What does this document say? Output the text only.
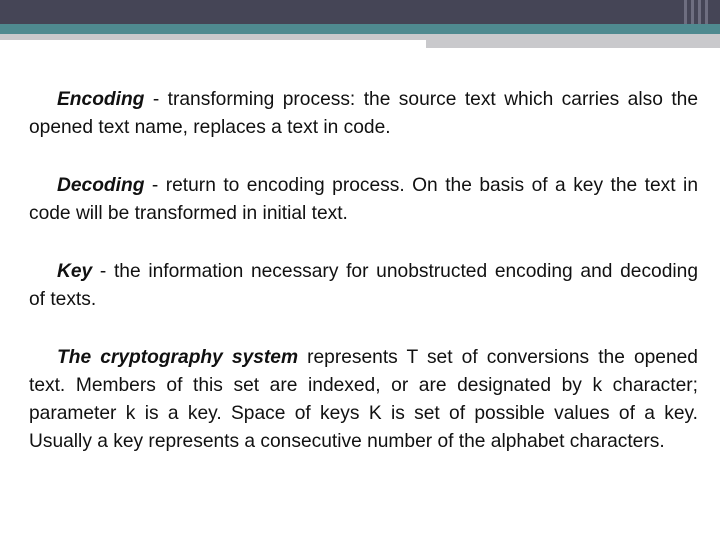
Encoding - transforming process: the source text which carries also the opened text name, replaces a text in code.

Decoding - return to encoding process. On the basis of a key the text in code will be transformed in initial text.

Key - the information necessary for unobstructed encoding and decoding of texts.

The cryptography system represents T set of conversions the opened text. Members of this set are indexed, or are designated by k character; parameter k is a key. Space of keys K is set of possible values of a key. Usually a key represents a consecutive number of the alphabet characters.
